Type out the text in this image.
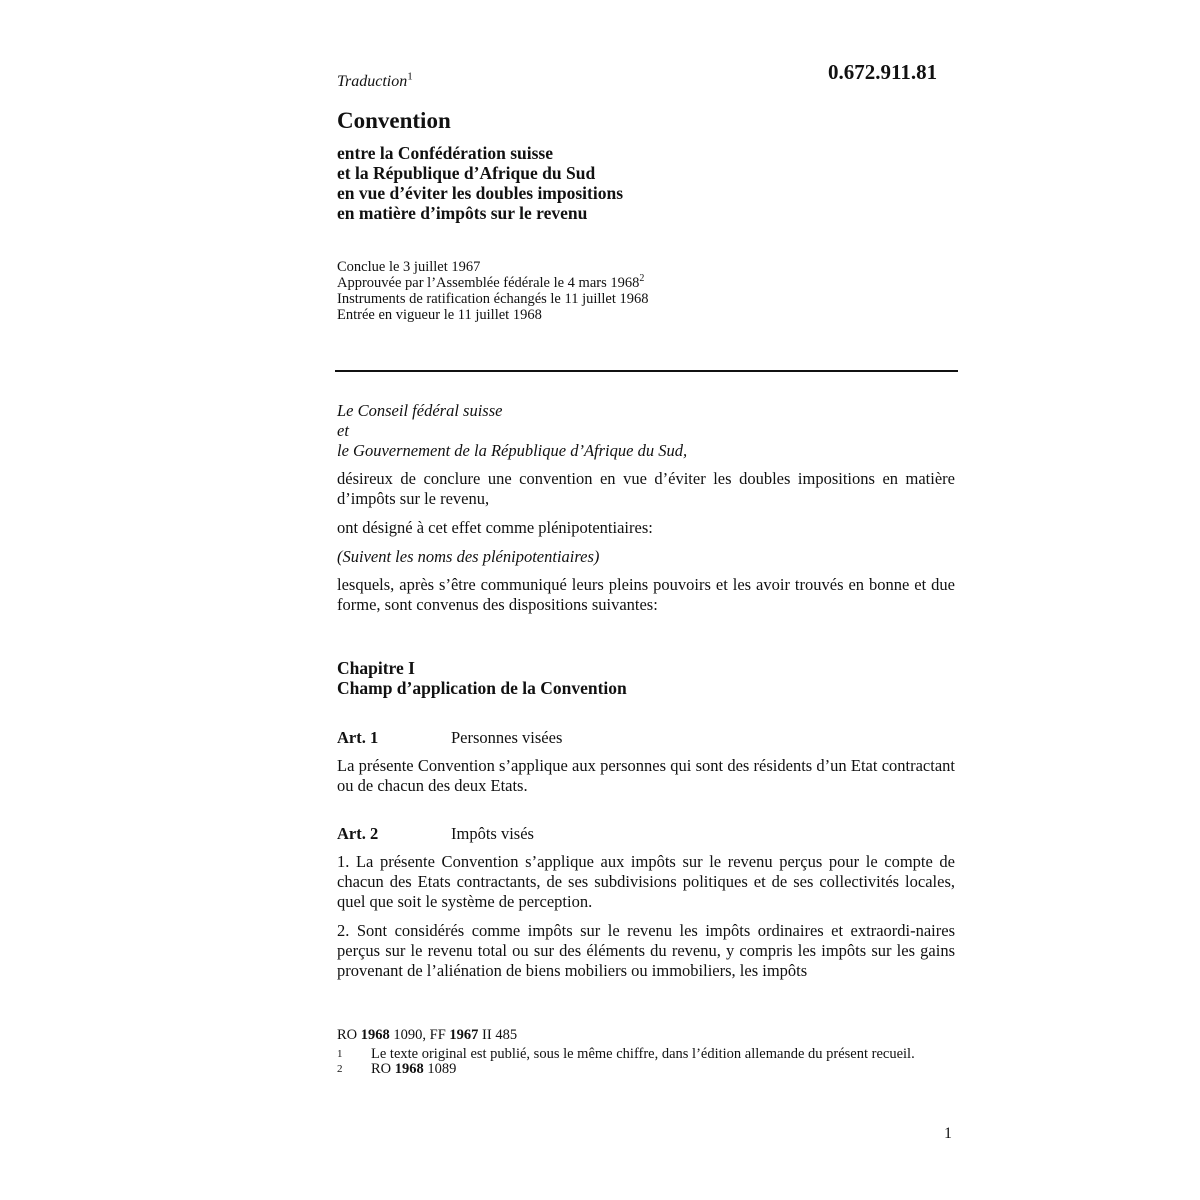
0.672.911.81
Traduction$^1$
Convention
entre la Confédération suisse
et la République d’Afrique du Sud
en vue d’éviter les doubles impositions
en matière d’impôts sur le revenu
Conclue le 3 juillet 1967
Approuvée par l’Assemblée fédérale le 4 mars 1968$^2$
Instruments de ratification échangés le 11 juillet 1968
Entrée en vigueur le 11 juillet 1968
Le Conseil fédéral suisse
et
le Gouvernement de la République d’Afrique du Sud,
désireux de conclure une convention en vue d’éviter les doubles impositions en matière d’impôts sur le revenu,
ont désigné à cet effet comme plénipotentiaires:
(Suivent les noms des plénipotentiaires)
lesquels, après s’être communiqué leurs pleins pouvoirs et les avoir trouvés en bonne et due forme, sont convenus des dispositions suivantes:
Chapitre I
Champ d’application de la Convention
Art. 1	Personnes visées
La présente Convention s’applique aux personnes qui sont des résidents d’un Etat contractant ou de chacun des deux Etats.
Art. 2	Impôts visés
1. La présente Convention s’applique aux impôts sur le revenu perçus pour le compte de chacun des Etats contractants, de ses subdivisions politiques et de ses collectivités locales, quel que soit le système de perception.
2. Sont considérés comme impôts sur le revenu les impôts ordinaires et extraordi-naires perçus sur le revenu total ou sur des éléments du revenu, y compris les impôts sur les gains provenant de l’aliénation de biens mobiliers ou immobiliers, les impôts
RO 1968 1090, FF 1967 II 485
1	Le texte original est publié, sous le même chiffre, dans l’édition allemande du présent recueil.
2	RO 1968 1089
1
